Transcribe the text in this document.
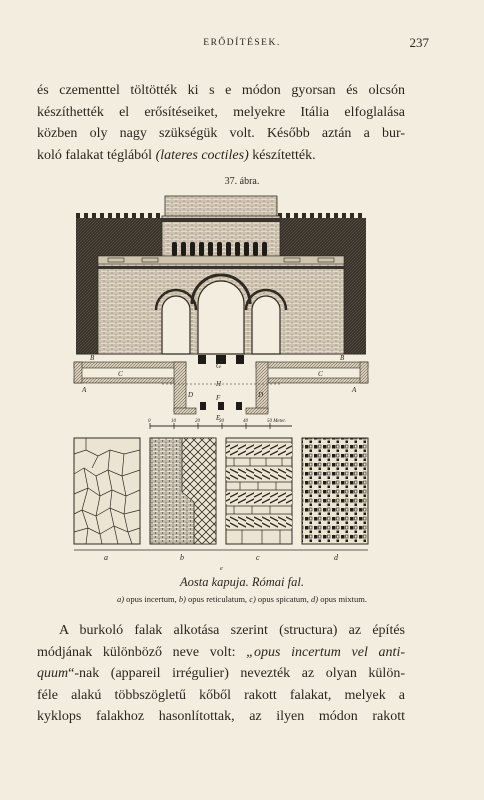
ERŐDÍTÉSEK.	237
és czementtel töltötték ki s e módon gyorsan és olcsón
készíthették el erősítéseiket, melyekre Itália elfoglalása
közben oly nagy szükségük volt. Később aztán a bur-
koló falakat téglából (lateres coctiles) készítették.
37. ábra.
B
A
C
G
H
D	F	D
C
B
A
E
0	10	20	30	40	50 Meter.
a	b	c	d
e
Aosta kapuja. Római fal.
a) opus incertum, b) opus reticulatum, c) opus spicatum, d) opus mixtum.
A burkoló falak alkotása szerint (structura) az építés
módjának különböző neve volt: „opus incertum vel anti-
quum“-nak (appareil irrégulier) nevezték az olyan külön-
féle alakú többszögletű kőből rakott falakat, melyek a
kyklops falakhoz hasonlítottak, az ilyen módon rakott
